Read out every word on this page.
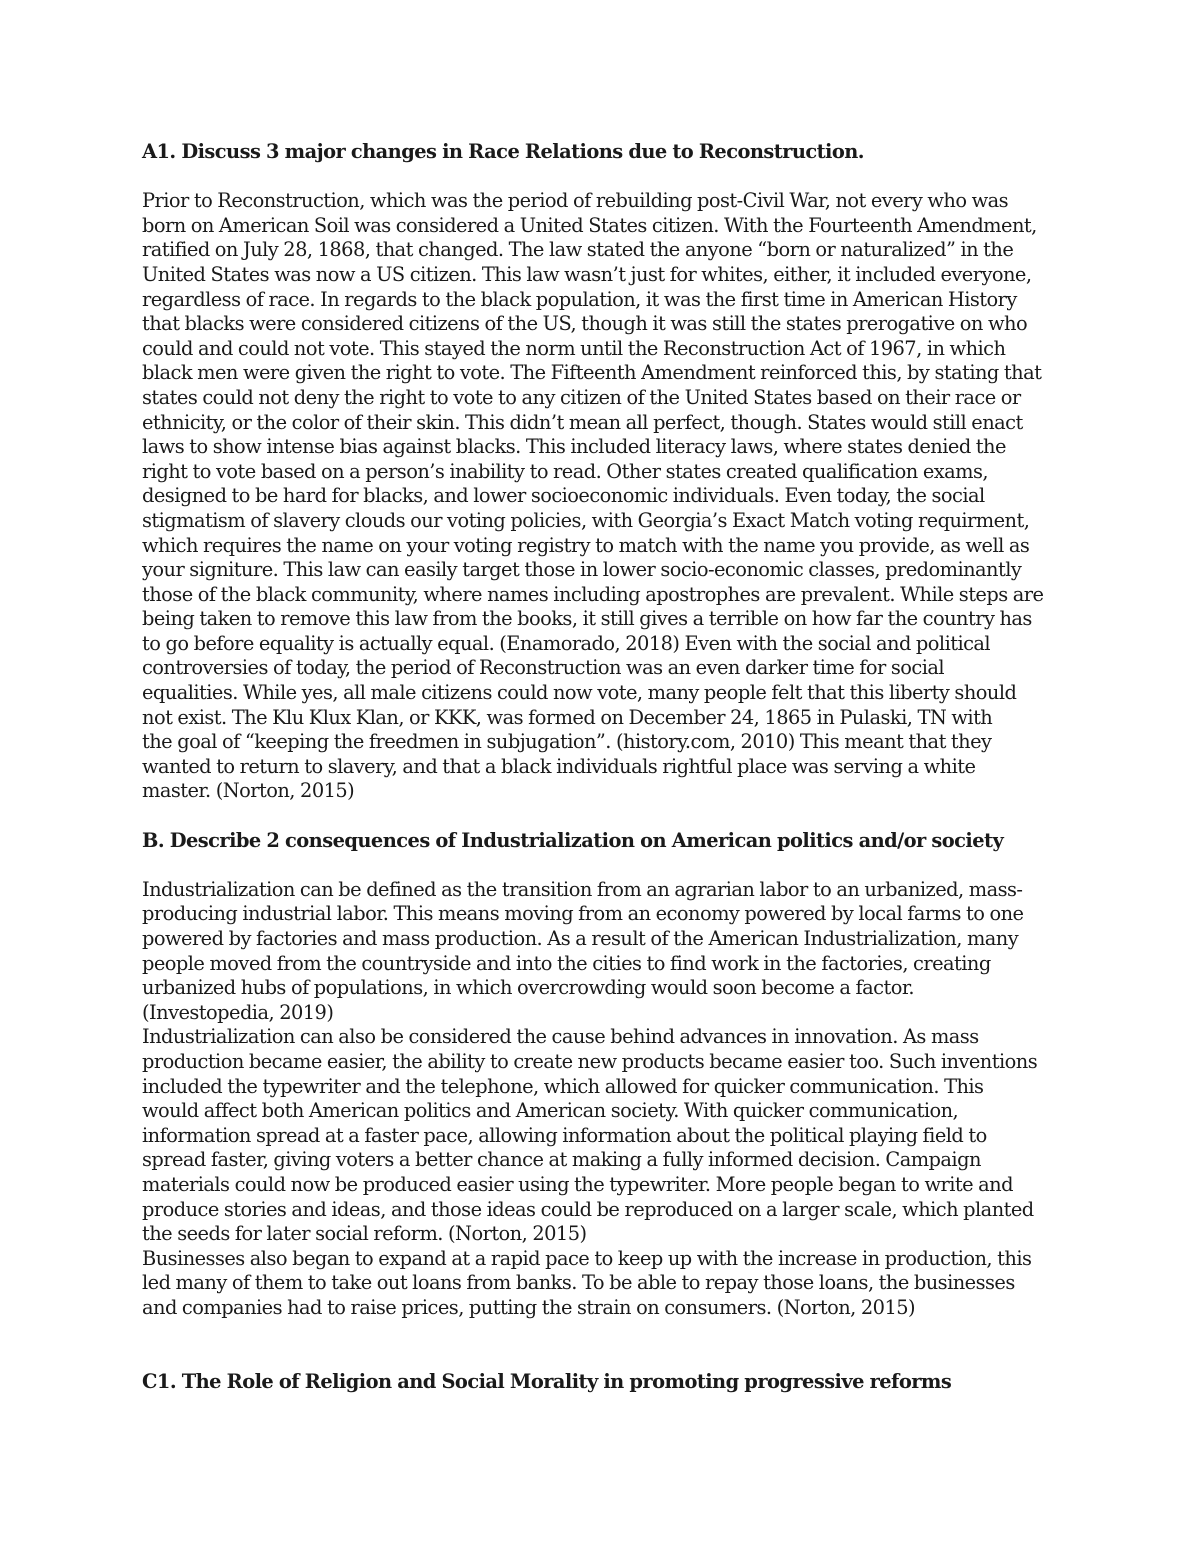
A1. Discuss 3 major changes in Race Relations due to Reconstruction.
Prior to Reconstruction, which was the period of rebuilding post-Civil War, not every who was
born on American Soil was considered a United States citizen. With the Fourteenth Amendment,
ratified on July 28, 1868, that changed. The law stated the anyone “born or naturalized” in the
United States was now a US citizen. This law wasn’t just for whites, either, it included everyone,
regardless of race. In regards to the black population, it was the first time in American History
that blacks were considered citizens of the US, though it was still the states prerogative on who
could and could not vote. This stayed the norm until the Reconstruction Act of 1967, in which
black men were given the right to vote. The Fifteenth Amendment reinforced this, by stating that
states could not deny the right to vote to any citizen of the United States based on their race or
ethnicity, or the color of their skin. This didn’t mean all perfect, though. States would still enact
laws to show intense bias against blacks. This included literacy laws, where states denied the
right to vote based on a person’s inability to read. Other states created qualification exams,
designed to be hard for blacks, and lower socioeconomic individuals. Even today, the social
stigmatism of slavery clouds our voting policies, with Georgia’s Exact Match voting requirment,
which requires the name on your voting registry to match with the name you provide, as well as
your signiture. This law can easily target those in lower socio-economic classes, predominantly
those of the black community, where names including apostrophes are prevalent. While steps are
being taken to remove this law from the books, it still gives a terrible on how far the country has
to go before equality is actually equal. (Enamorado, 2018) Even with the social and political
controversies of today, the period of Reconstruction was an even darker time for social
equalities. While yes, all male citizens could now vote, many people felt that this liberty should
not exist. The Klu Klux Klan, or KKK, was formed on December 24, 1865 in Pulaski, TN with
the goal of “keeping the freedmen in subjugation”. (history.com, 2010) This meant that they
wanted to return to slavery, and that a black individuals rightful place was serving a white
master. (Norton, 2015)
B. Describe 2 consequences of Industrialization on American politics and/or society
Industrialization can be defined as the transition from an agrarian labor to an urbanized, mass-
producing industrial labor. This means moving from an economy powered by local farms to one
powered by factories and mass production. As a result of the American Industrialization, many
people moved from the countryside and into the cities to find work in the factories, creating
urbanized hubs of populations, in which overcrowding would soon become a factor.
(Investopedia, 2019)
Industrialization can also be considered the cause behind advances in innovation. As mass
production became easier, the ability to create new products became easier too. Such inventions
included the typewriter and the telephone, which allowed for quicker communication. This
would affect both American politics and American society. With quicker communication,
information spread at a faster pace, allowing information about the political playing field to
spread faster, giving voters a better chance at making a fully informed decision. Campaign
materials could now be produced easier using the typewriter. More people began to write and
produce stories and ideas, and those ideas could be reproduced on a larger scale, which planted
the seeds for later social reform. (Norton, 2015)
Businesses also began to expand at a rapid pace to keep up with the increase in production, this
led many of them to take out loans from banks. To be able to repay those loans, the businesses
and companies had to raise prices, putting the strain on consumers. (Norton, 2015)
C1. The Role of Religion and Social Morality in promoting progressive reforms
